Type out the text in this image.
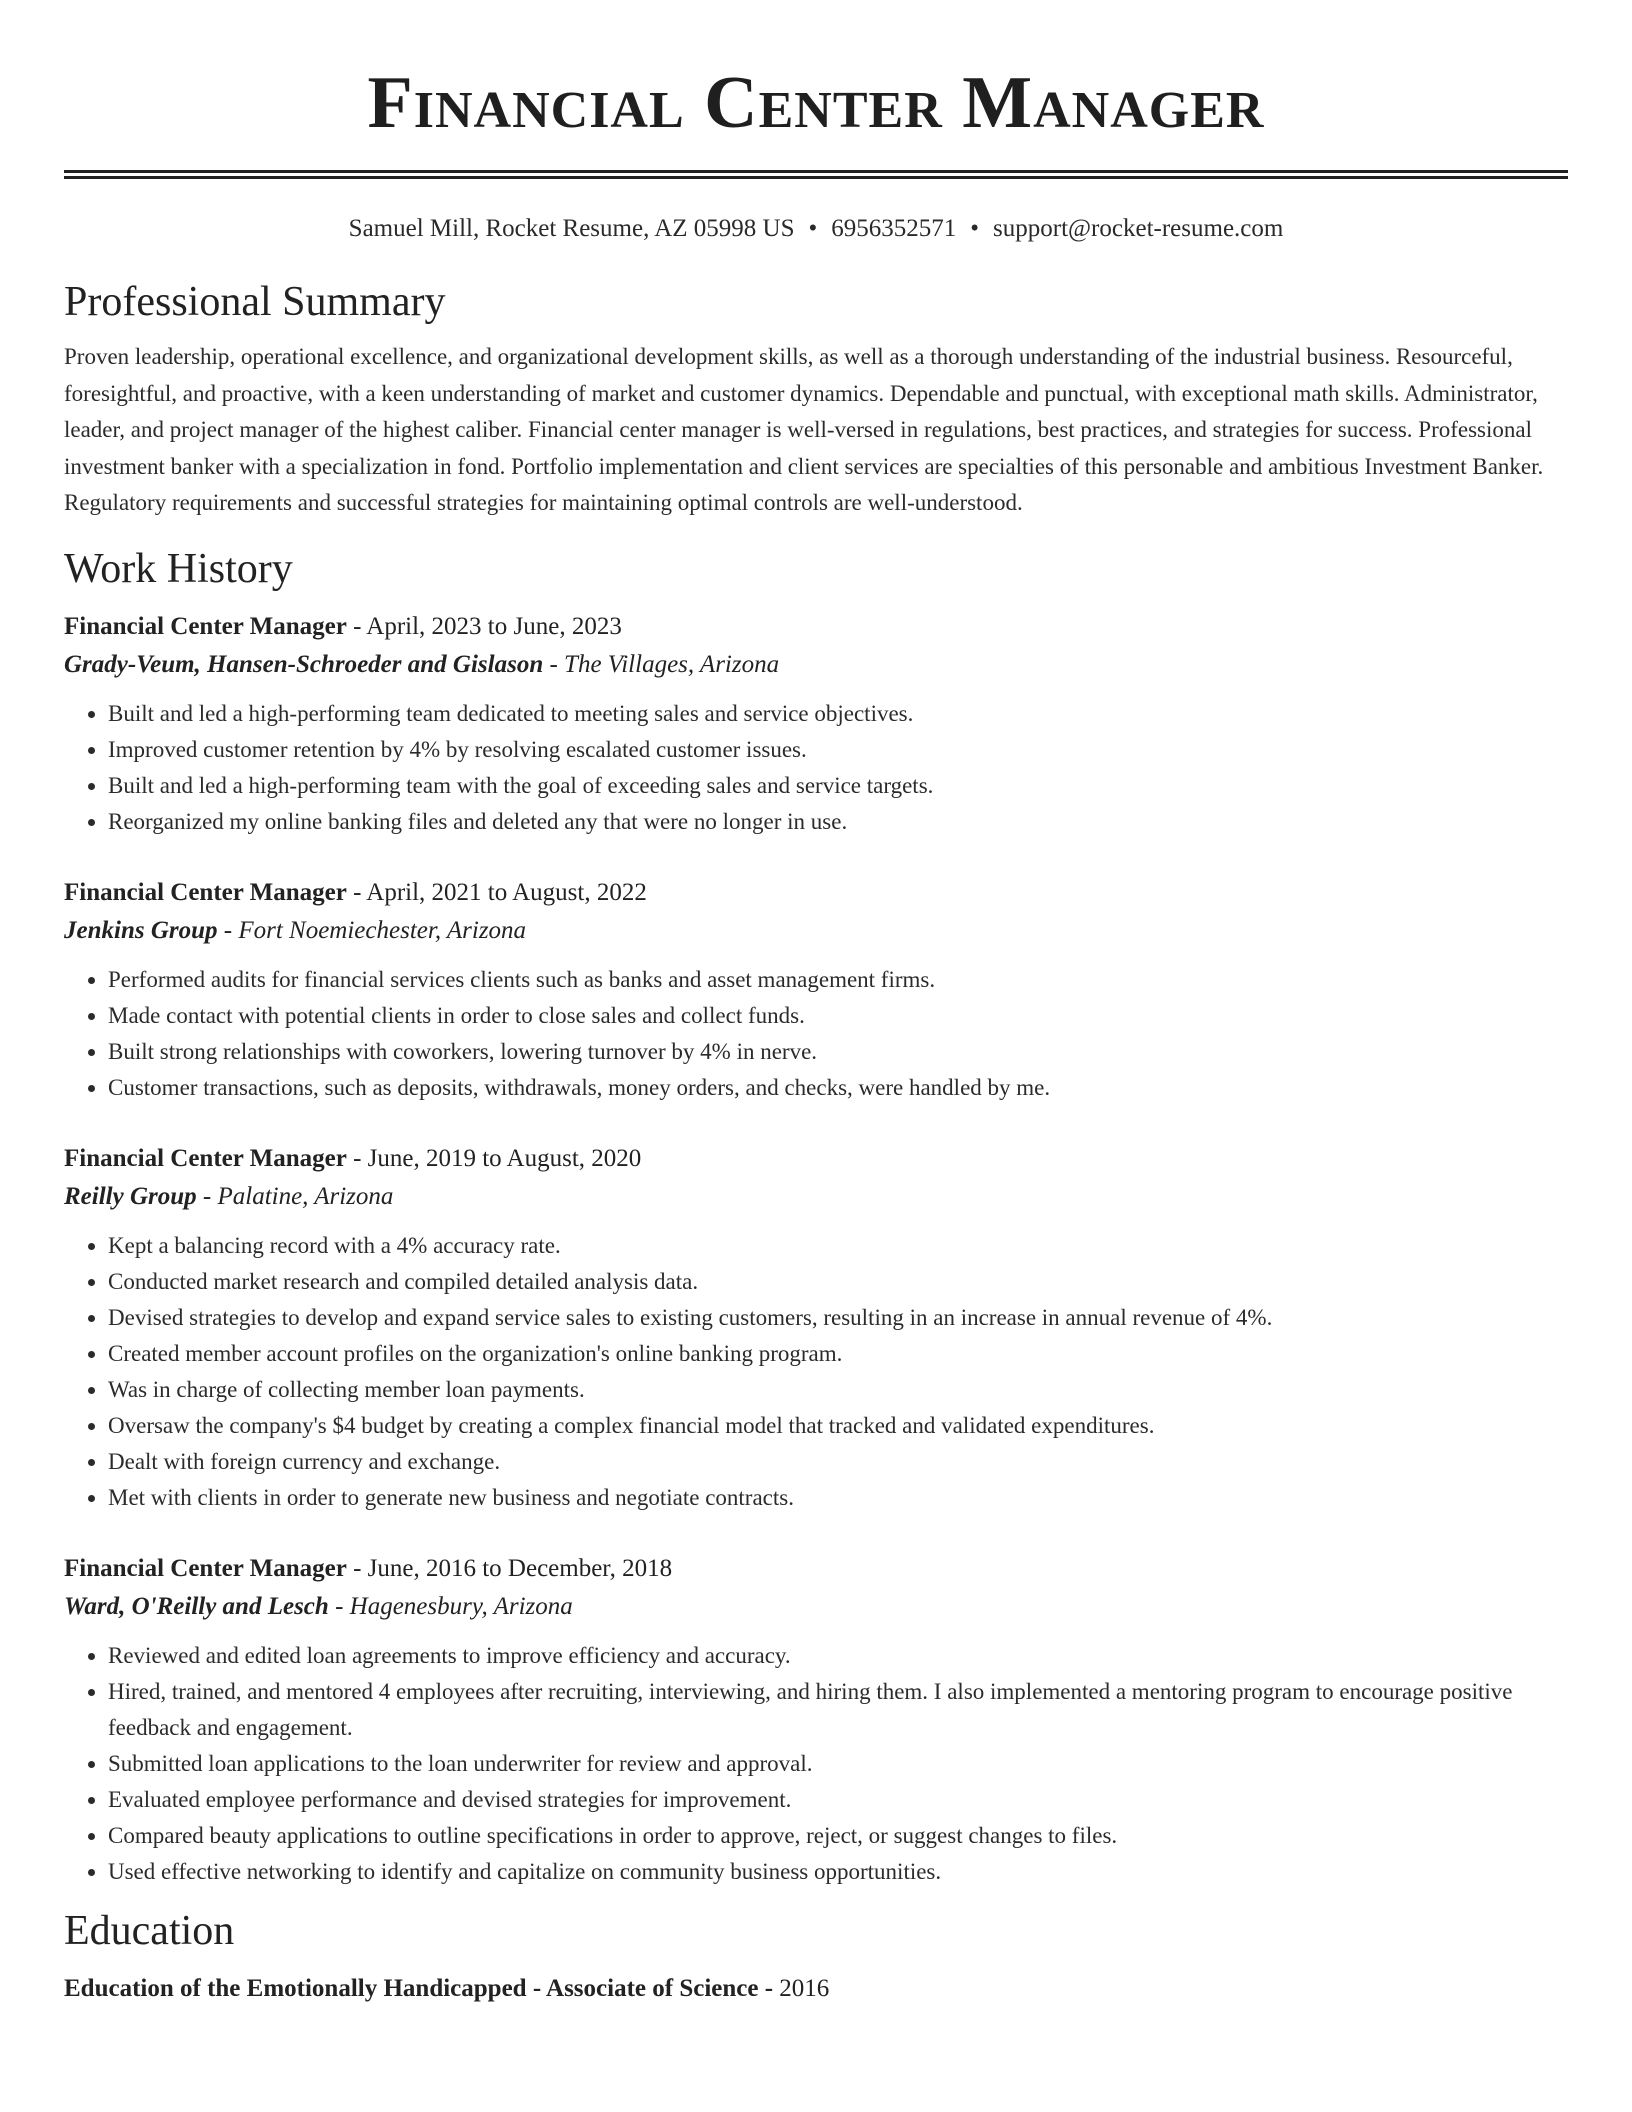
Financial Center Manager
Samuel Mill, Rocket Resume, AZ 05998 US • 6956352571 • support@rocket-resume.com
Professional Summary
Proven leadership, operational excellence, and organizational development skills, as well as a thorough understanding of the industrial business. Resourceful, foresightful, and proactive, with a keen understanding of market and customer dynamics. Dependable and punctual, with exceptional math skills. Administrator, leader, and project manager of the highest caliber. Financial center manager is well-versed in regulations, best practices, and strategies for success. Professional investment banker with a specialization in fond. Portfolio implementation and client services are specialties of this personable and ambitious Investment Banker. Regulatory requirements and successful strategies for maintaining optimal controls are well-understood.
Work History
Financial Center Manager - April, 2023 to June, 2023
Grady-Veum, Hansen-Schroeder and Gislason - The Villages, Arizona
• Built and led a high-performing team dedicated to meeting sales and service objectives.
• Improved customer retention by 4% by resolving escalated customer issues.
• Built and led a high-performing team with the goal of exceeding sales and service targets.
• Reorganized my online banking files and deleted any that were no longer in use.
Financial Center Manager - April, 2021 to August, 2022
Jenkins Group - Fort Noemiechester, Arizona
• Performed audits for financial services clients such as banks and asset management firms.
• Made contact with potential clients in order to close sales and collect funds.
• Built strong relationships with coworkers, lowering turnover by 4% in nerve.
• Customer transactions, such as deposits, withdrawals, money orders, and checks, were handled by me.
Financial Center Manager - June, 2019 to August, 2020
Reilly Group - Palatine, Arizona
• Kept a balancing record with a 4% accuracy rate.
• Conducted market research and compiled detailed analysis data.
• Devised strategies to develop and expand service sales to existing customers, resulting in an increase in annual revenue of 4%.
• Created member account profiles on the organization's online banking program.
• Was in charge of collecting member loan payments.
• Oversaw the company's $4 budget by creating a complex financial model that tracked and validated expenditures.
• Dealt with foreign currency and exchange.
• Met with clients in order to generate new business and negotiate contracts.
Financial Center Manager - June, 2016 to December, 2018
Ward, O'Reilly and Lesch - Hagenesbury, Arizona
• Reviewed and edited loan agreements to improve efficiency and accuracy.
• Hired, trained, and mentored 4 employees after recruiting, interviewing, and hiring them. I also implemented a mentoring program to encourage positive feedback and engagement.
• Submitted loan applications to the loan underwriter for review and approval.
• Evaluated employee performance and devised strategies for improvement.
• Compared beauty applications to outline specifications in order to approve, reject, or suggest changes to files.
• Used effective networking to identify and capitalize on community business opportunities.
Education
Education of the Emotionally Handicapped - Associate of Science - 2016
